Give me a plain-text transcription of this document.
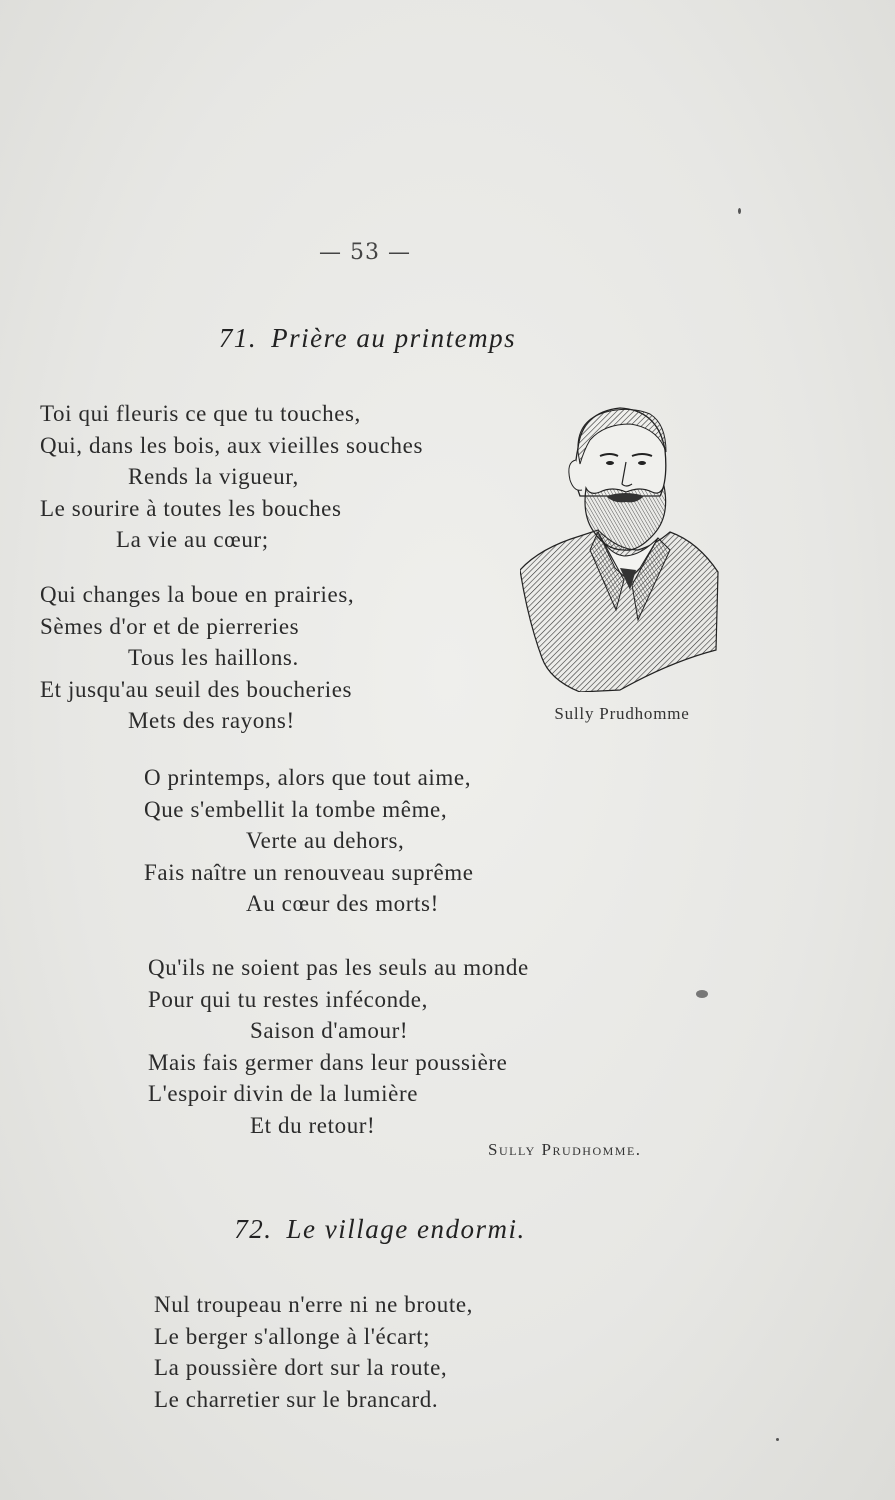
— 53 —
71. Prière au printemps
Toi qui fleuris ce que tu touches,
Qui, dans les bois, aux vieilles souches
Rends la vigueur,
Le sourire à toutes les bouches
La vie au cœur;
Qui changes la boue en prairies,
Sèmes d'or et de pierreries
Tous les haillons.
Et jusqu'au seuil des boucheries
Mets des rayons!	Sully Prudhomme
O printemps, alors que tout aime,
Que s'embellit la tombe même,
Verte au dehors,
Fais naître un renouveau suprême
Au cœur des morts!
Qu'ils ne soient pas les seuls au monde
Pour qui tu restes inféconde,
Saison d'amour!
Mais fais germer dans leur poussière
L'espoir divin de la lumière
Et du retour!
Sully Prudhomme.
72. Le village endormi.
Nul troupeau n'erre ni ne broute,
Le berger s'allonge à l'écart;
La poussière dort sur la route,
Le charretier sur le brancard.
